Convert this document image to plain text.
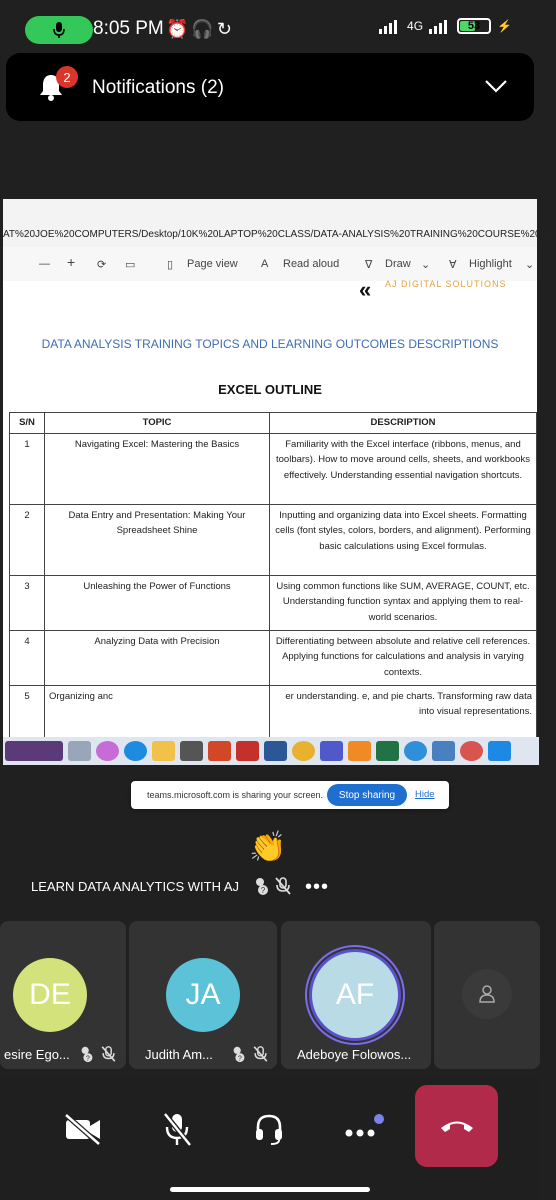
8:05 PM ⏰🎧↻	4G	53	⚡
2	Notifications (2)
AT%20JOE%20COMPUTERS/Desktop/10K%20LAPTOP%20CLASS/DATA-ANALYSIS%20TRAINING%20COURSE%20OU
— + ⟳ ▭	▯ Page view A Read aloud ∇ Draw ⌄ ∀ Highlight ⌄
« AJ DIGITAL SOLUTIONS
DATA ANALYSIS TRAINING TOPICS AND LEARNING OUTCOMES DESCRIPTIONS
EXCEL OUTLINE
S/N	TOPIC	DESCRIPTION
1	Navigating Excel: Mastering the Basics	Familiarity with the Excel interface (ribbons, menus, and toolbars). How to move around cells, sheets, and workbooks effectively. Understanding essential navigation shortcuts.
2	Data Entry and Presentation: Making Your Spreadsheet Shine	Inputting and organizing data into Excel sheets. Formatting cells (font styles, colors, borders, and alignment). Performing basic calculations using Excel formulas.
3	Unleashing the Power of Functions	Using common functions like SUM, AVERAGE, COUNT, etc. Understanding function syntax and applying them to real-world scenarios.
4	Analyzing Data with Precision	Differentiating between absolute and relative cell references. Applying functions for calculations and analysis in varying contexts.
5	Organizing anc	er understanding. e, and pie charts. Transforming raw data into visual representations.
teams.microsoft.com is sharing your screen.	Stop sharing	Hide
👏
LEARN DATA ANALYTICS WITH AJ	? •••
DE
esire Ego... ?
JA
Judith Am...	?
AF
Adeboye Folowos...
